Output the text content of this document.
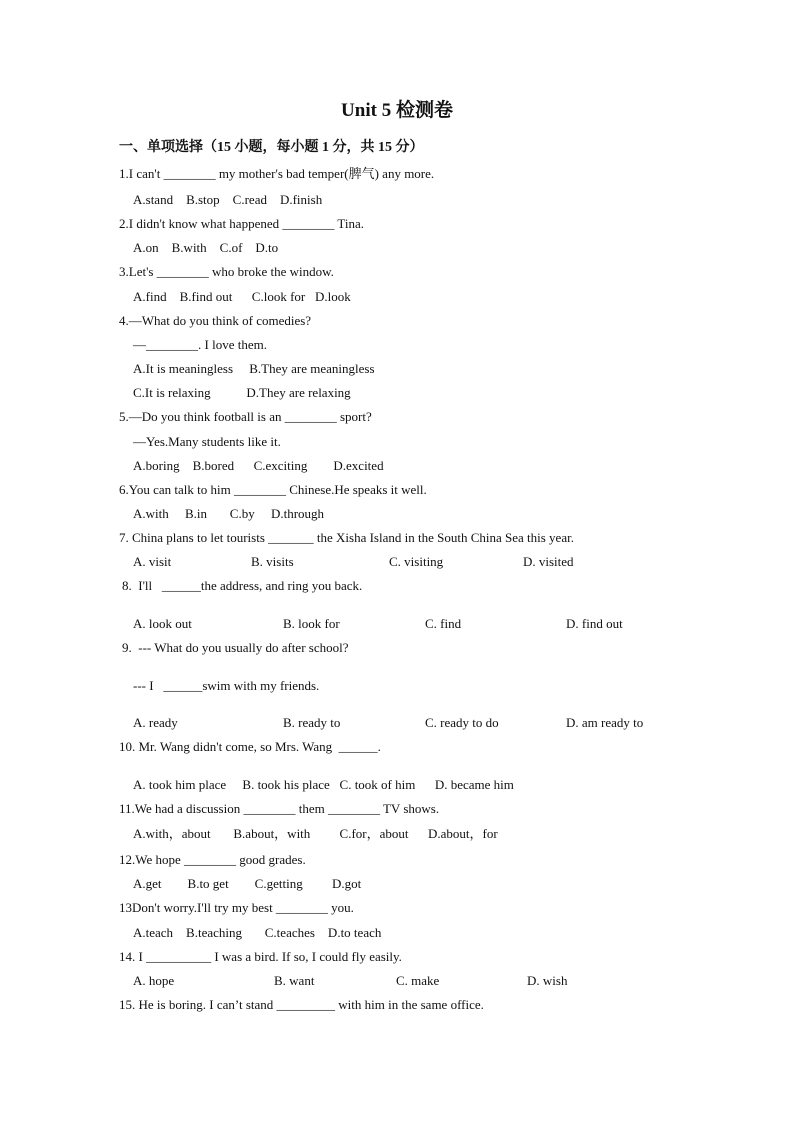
Unit 5 检测卷
一、单项选择（15 小题，每小题 1 分，共 15 分）
1.I can't ________ my mother's bad temper(脾气) any more.
A.stand    B.stop    C.read    D.finish
2.I didn't know what happened ________ Tina.
A.on    B.with    C.of    D.to
3.Let's ________ who broke the window.
A.find    B.find out      C.look for   D.look
4.—What do you think of comedies?
—________. I love them.
A.It is meaningless     B.They are meaningless
C.It is relaxing           D.They are relaxing
5.—Do you think football is an ________ sport?
—Yes.Many students like it.
A.boring    B.bored      C.exciting        D.excited
6.You can talk to him ________ Chinese.He speaks it well.
A.with     B.in       C.by     D.through
7. China plans to let tourists _______ the Xisha Island in the South China Sea this year.
A. visit	B. visits	C. visiting	D. visited
8.  I'll   ______the address, and ring you back.
A. look out	B. look for	C. find	D. find out
9.  --- What do you usually do after school?
--- I   ______swim with my friends.
A. ready	B. ready to	C. ready to do	D. am ready to
10. Mr. Wang didn't come, so Mrs. Wang  ______.
A. took him place     B. took his place   C. took of him      D. became him
11.We had a discussion ________ them ________ TV shows.
A.with，about       B.about，with         C.for，about      D.about，for
12.We hope ________ good grades.
A.get        B.to get        C.getting         D.got
13Don't worry.I'll try my best ________ you.
A.teach    B.teaching       C.teaches    D.to teach
14. I __________ I was a bird. If so, I could fly easily.
A. hope	B. want	C. make	D. wish
15. He is boring. I can’t stand _________ with him in the same office.
